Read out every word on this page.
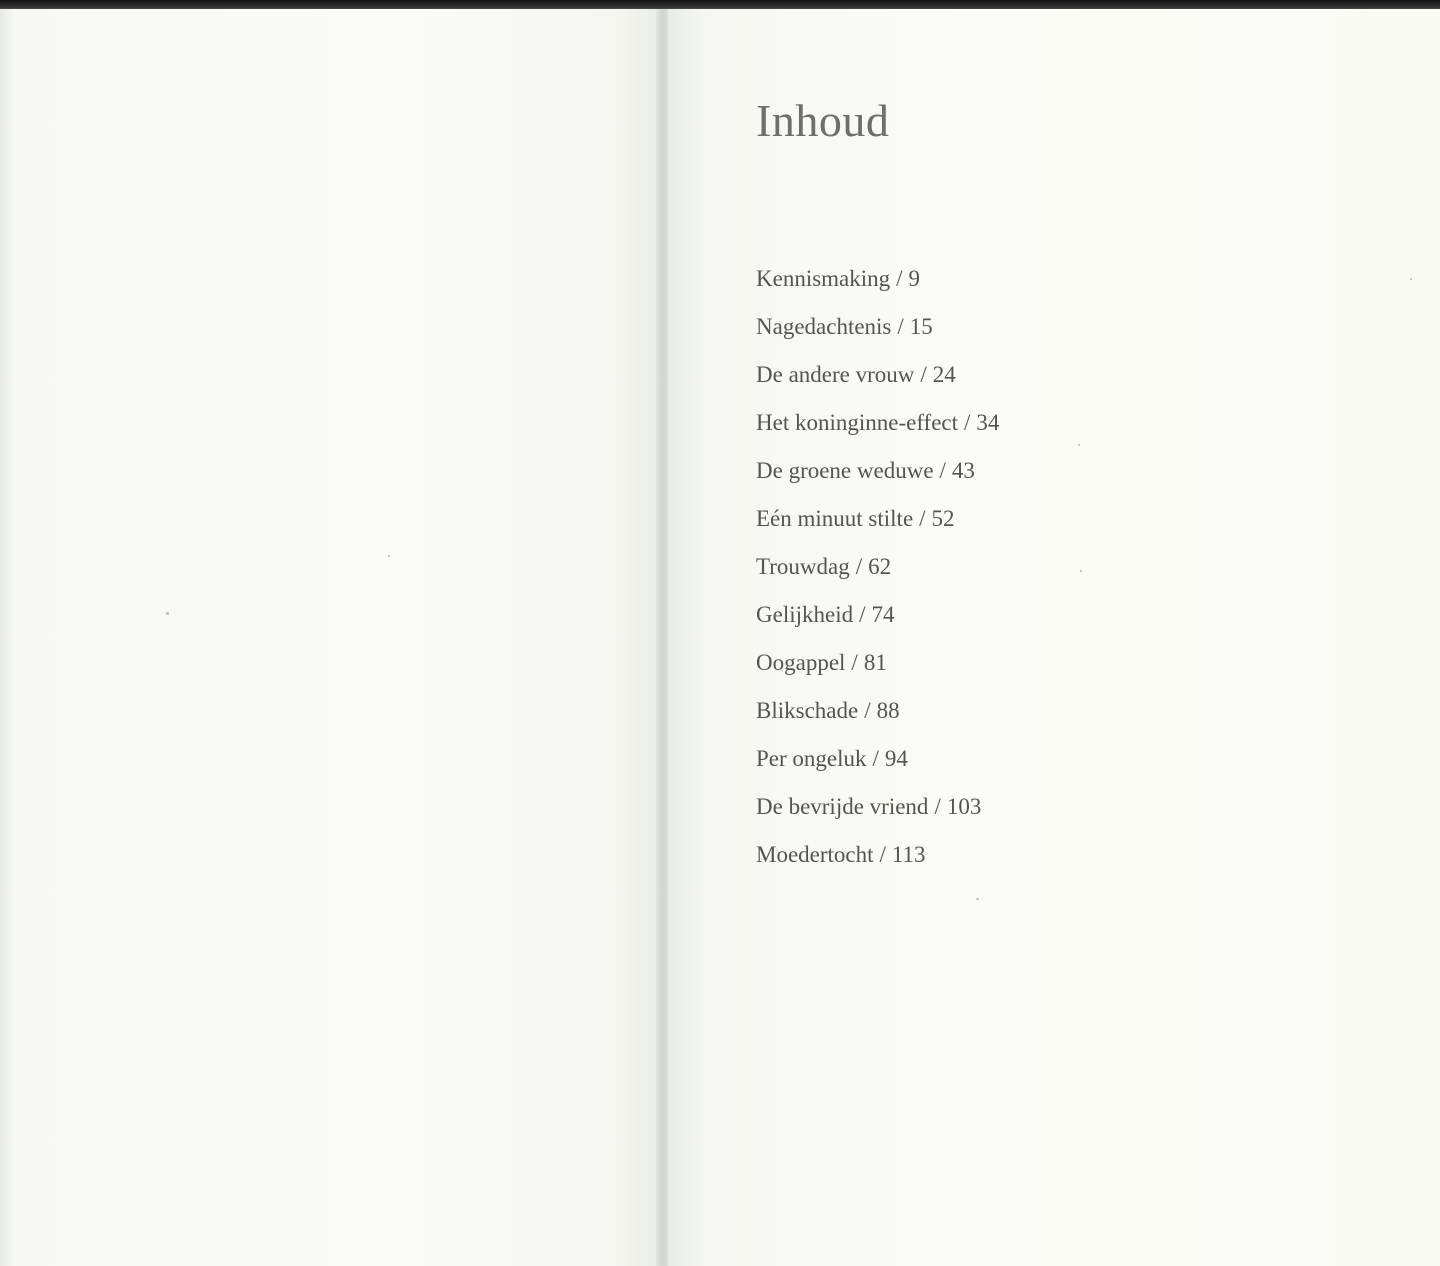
Inhoud
Kennismaking / 9
Nagedachtenis / 15
De andere vrouw / 24
Het koninginne-effect / 34
De groene weduwe / 43
Eén minuut stilte / 52
Trouwdag / 62
Gelijkheid / 74
Oogappel / 81
Blikschade / 88
Per ongeluk / 94
De bevrijde vriend / 103
Moedertocht / 113
